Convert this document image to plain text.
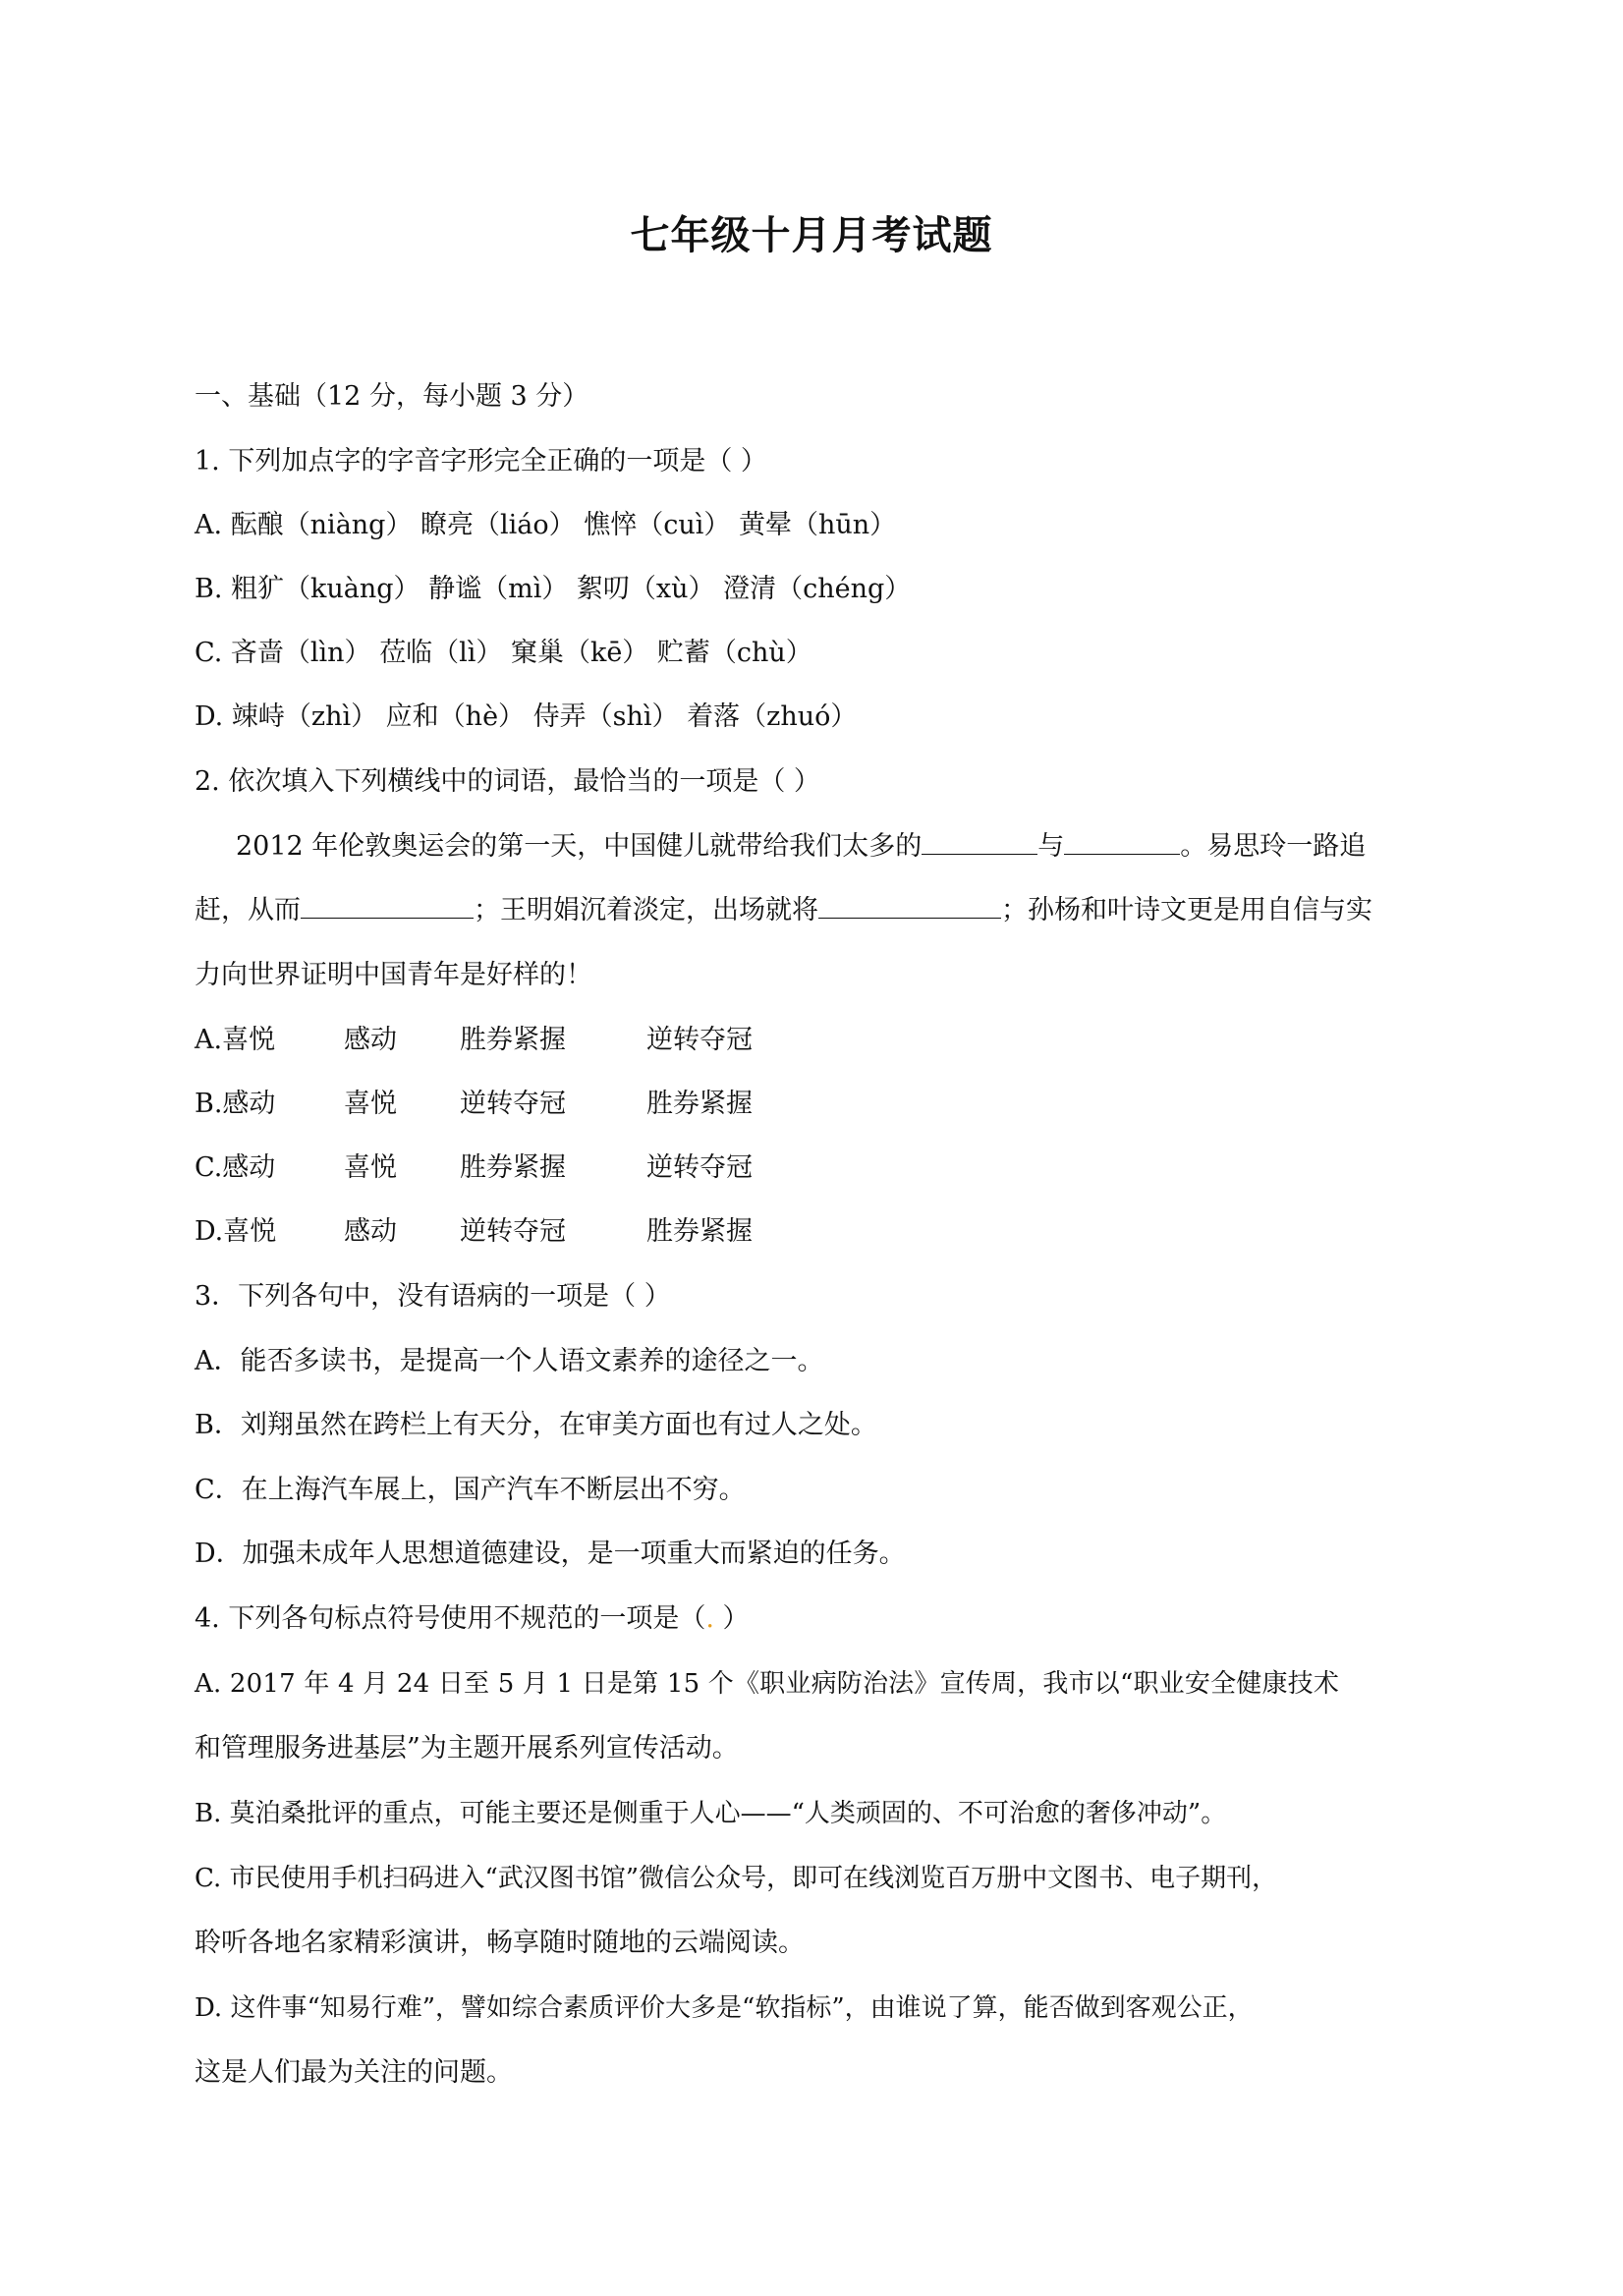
七年级十月月考试题
一、基础（12 分，每小题 3 分）
1. 下列加点字的字音字形完全正确的一项是（ ）
A. 酝酿（niàng） 瞭亮（liáo） 憔悴（cuì） 黄晕（hūn）
B. 粗犷（kuàng） 静谧（mì） 絮叨（xù） 澄清（chéng）
C. 吝啬（lìn） 莅临（lì） 窠巢（kē） 贮蓄（chù）
D. 竦峙（zhì） 应和（hè） 侍弄（shì） 着落（zhuó）
2. 依次填入下列横线中的词语，最恰当的一项是（ ）
2012 年伦敦奥运会的第一天，中国健儿就带给我们太多的	与	。易思玲一路追
赶，从而	；王明娟沉着淡定，出场就将	；孙杨和叶诗文更是用自信与实
力向世界证明中国青年是好样的！
A.喜悦	感动 胜券紧握	逆转夺冠
B.感动	喜悦 逆转夺冠	胜券紧握
C.感动	喜悦 胜券紧握	逆转夺冠
D.喜悦	感动 逆转夺冠	胜券紧握
3．下列各句中，没有语病的一项是（ ）
A．能否多读书，是提高一个人语文素养的途径之一。
B．刘翔虽然在跨栏上有天分，在审美方面也有过人之处。
C．在上海汽车展上，国产汽车不断层出不穷。
D．加强未成年人思想道德建设，是一项重大而紧迫的任务。
4. 下列各句标点符号使用不规范的一项是（. ）
A. 2017 年 4 月 24 日至 5 月 1 日是第 15 个《职业病防治法》宣传周，我市以“职业安全健康技术
和管理服务进基层”为主题开展系列宣传活动。
B. 莫泊桑批评的重点，可能主要还是侧重于人心——“人类顽固的、不可治愈的奢侈冲动”。
C. 市民使用手机扫码进入“武汉图书馆”微信公众号，即可在线浏览百万册中文图书、电子期刊，
聆听各地名家精彩演讲，畅享随时随地的云端阅读。
D. 这件事“知易行难”，譬如综合素质评价大多是“软指标”，由谁说了算，能否做到客观公正，
这是人们最为关注的问题。
